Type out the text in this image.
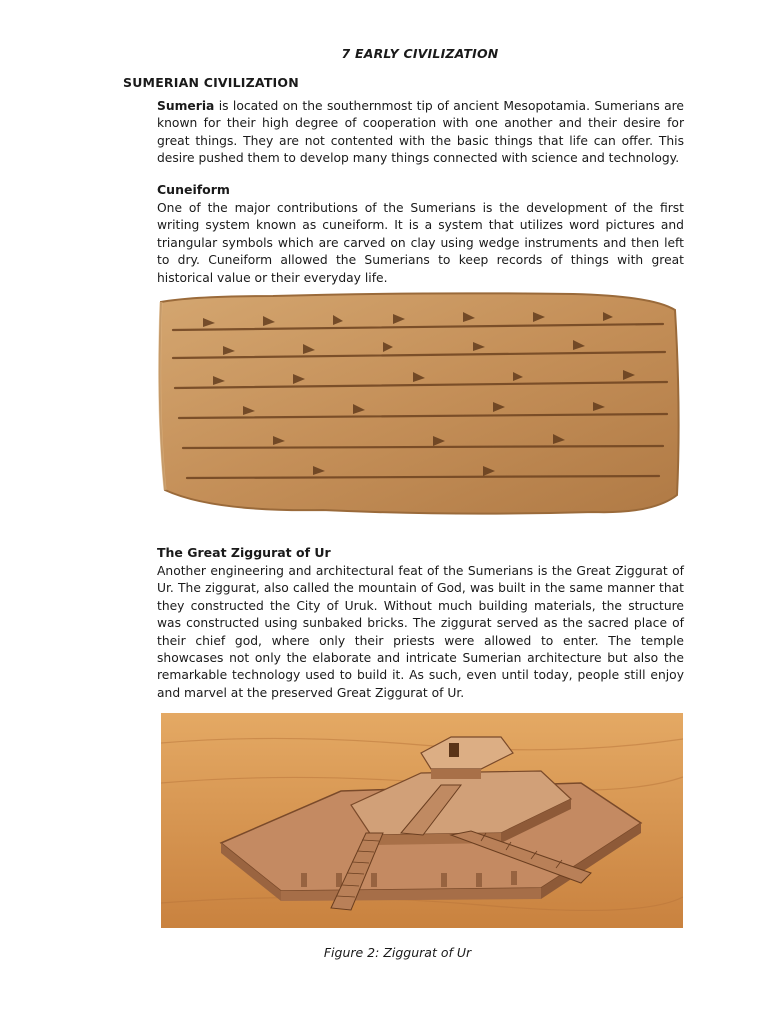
7 EARLY CIVILIZATION
SUMERIAN CIVILIZATION

Sumeria is located on the southernmost tip of ancient Mesopotamia. Sumerians are known for their high degree of cooperation with one another and their desire for great things. They are not contented with the basic things that life can offer. This desire pushed them to develop many things connected with science and technology.

Cuneiform

One of the major contributions of the Sumerians is the development of the first writing system known as cuneiform. It is a system that utilizes word pictures and triangular symbols which are carved on clay using wedge instruments and then left to dry. Cuneiform allowed the Sumerians to keep records of things with great historical value or their everyday life.

The Great Ziggurat of Ur

Another engineering and architectural feat of the Sumerians is the Great Ziggurat of Ur. The ziggurat, also called the mountain of God, was built in the same manner that they constructed the City of Uruk. Without much building materials, the structure was constructed using sunbaked bricks. The ziggurat served as the sacred place of their chief god, where only their priests were allowed to enter. The temple showcases not only the elaborate and intricate Sumerian architecture but also the remarkable technology used to build it. As such, even until today, people still enjoy and marvel at the preserved Great Ziggurat of Ur.

Figure 2: Ziggurat of Ur
